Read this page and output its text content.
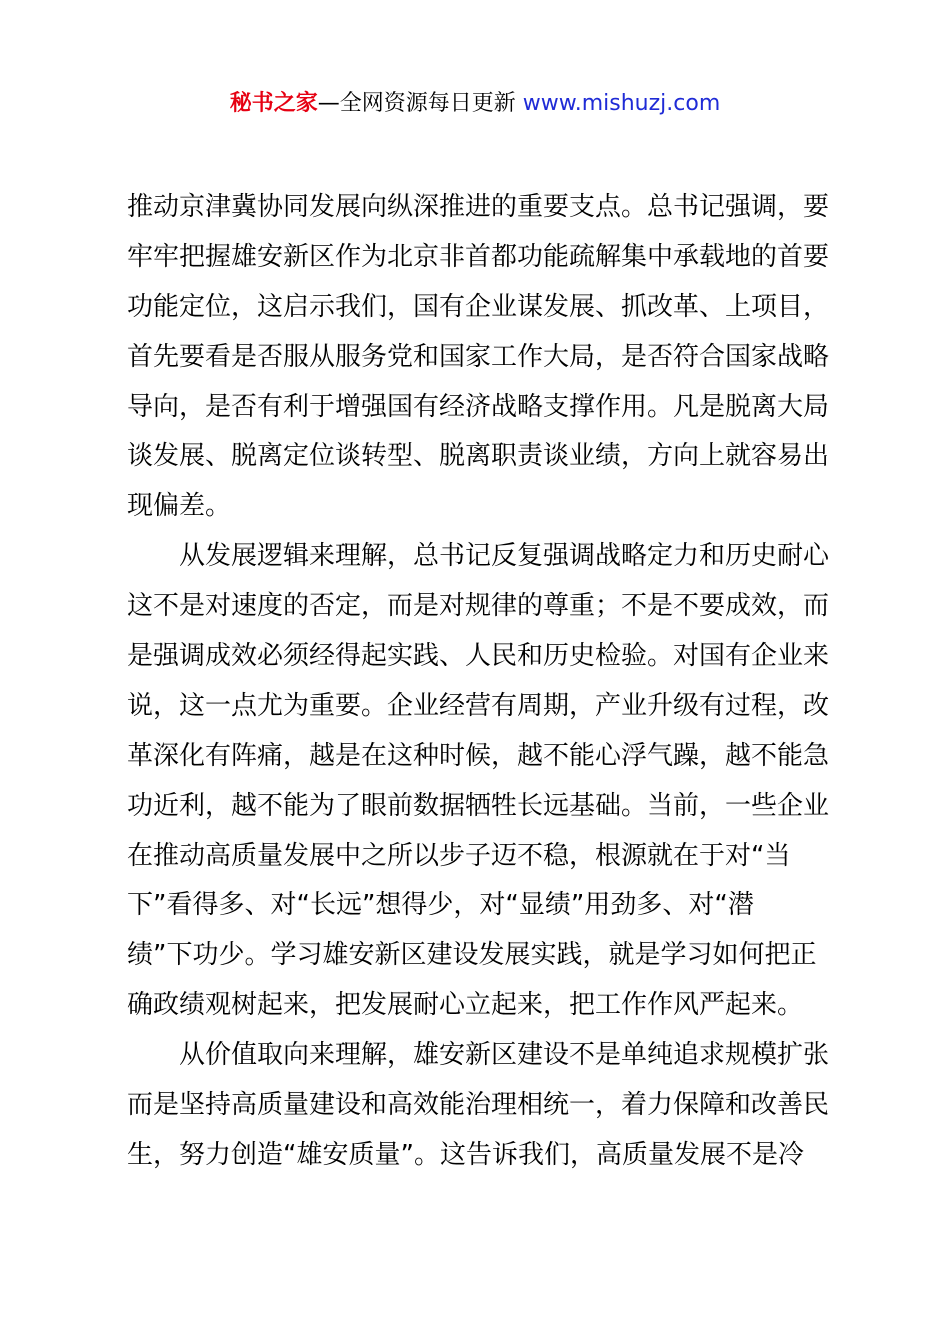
秘书之家—全网资源每日更新 www.mishuzj.com
推动京津冀协同发展向纵深推进的重要支点。总书记强调，要
牢牢把握雄安新区作为北京非首都功能疏解集中承载地的首要
功能定位，这启示我们，国有企业谋发展、抓改革、上项目，
首先要看是否服从服务党和国家工作大局，是否符合国家战略
导向，是否有利于增强国有经济战略支撑作用。凡是脱离大局
谈发展、脱离定位谈转型、脱离职责谈业绩，方向上就容易出
现偏差。
从发展逻辑来理解，总书记反复强调战略定力和历史耐心
这不是对速度的否定，而是对规律的尊重；不是不要成效，而
是强调成效必须经得起实践、人民和历史检验。对国有企业来
说，这一点尤为重要。企业经营有周期，产业升级有过程，改
革深化有阵痛，越是在这种时候，越不能心浮气躁，越不能急
功近利，越不能为了眼前数据牺牲长远基础。当前，一些企业
在推动高质量发展中之所以步子迈不稳，根源就在于对“当
下”看得多、对“长远”想得少，对“显绩”用劲多、对“潜
绩”下功少。学习雄安新区建设发展实践，就是学习如何把正
确政绩观树起来，把发展耐心立起来，把工作作风严起来。
从价值取向来理解，雄安新区建设不是单纯追求规模扩张
而是坚持高质量建设和高效能治理相统一，着力保障和改善民
生，努力创造“雄安质量”。这告诉我们，高质量发展不是冷
